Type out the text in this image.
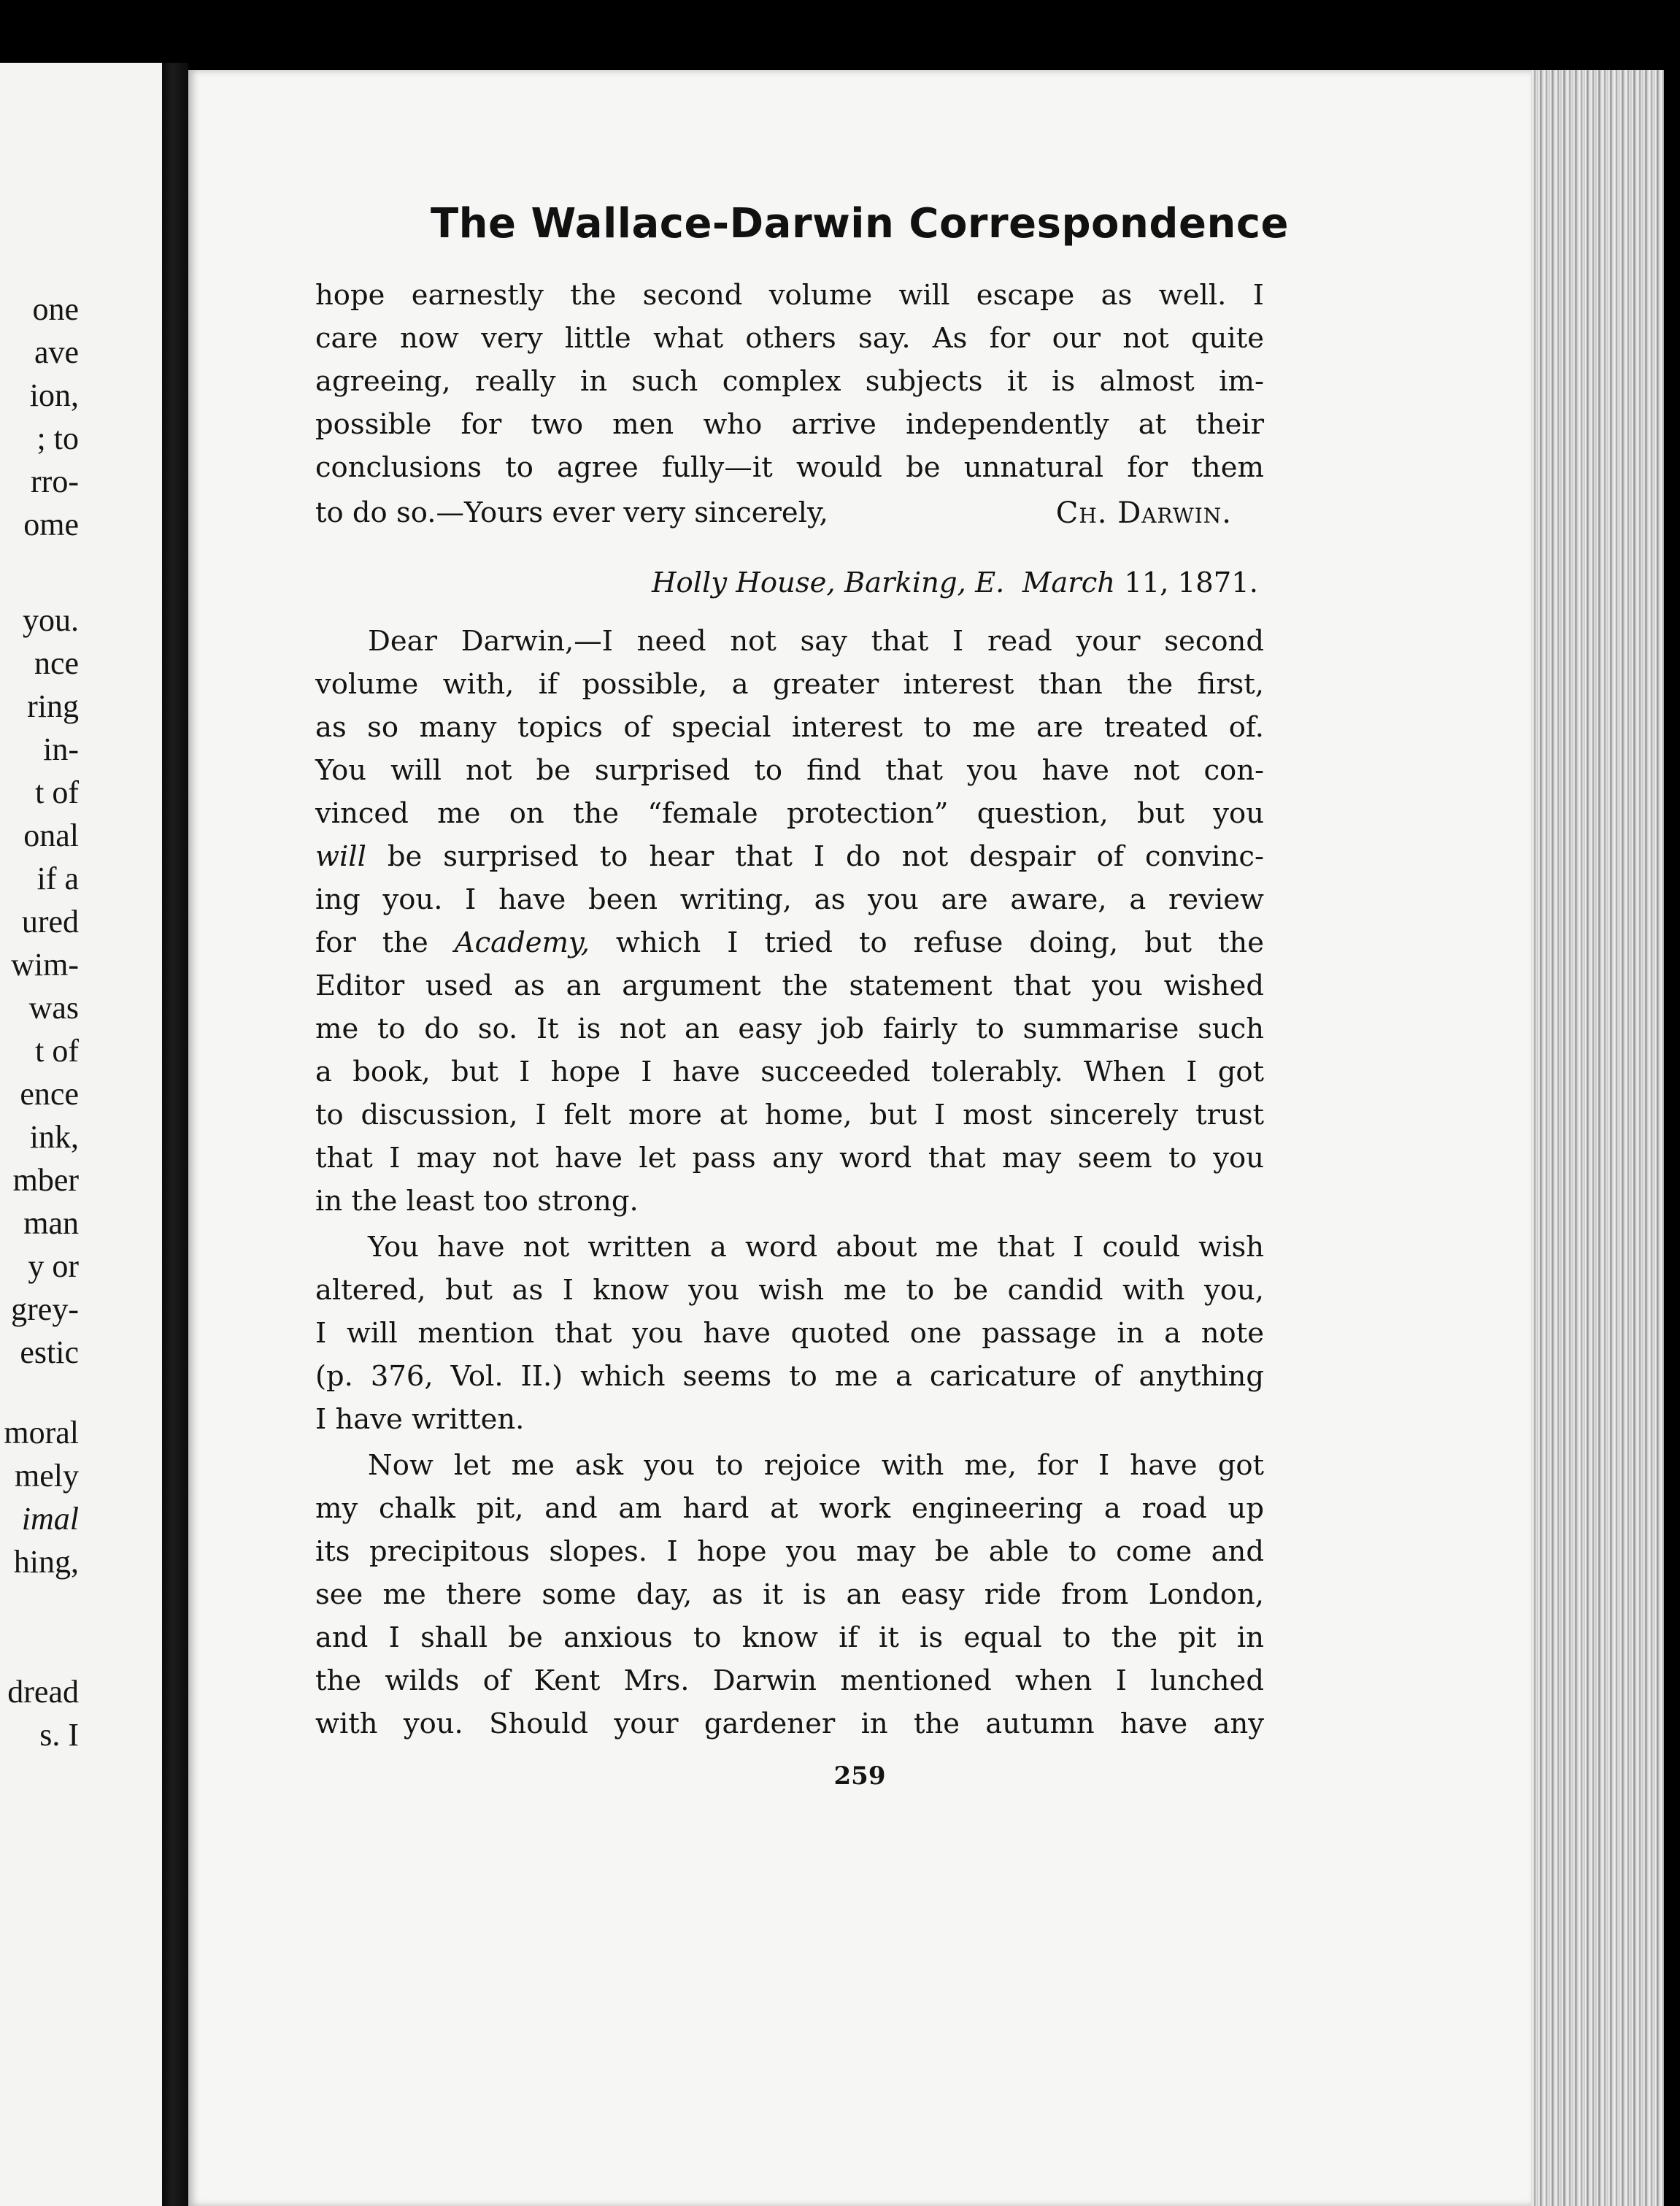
one
ave
ion,
; to
rro-
ome
you.
nce
ring
in-
t of
onal
if a
ured
wim-
was
t of
ence
ink,
mber
man
y or
grey-
estic
moral
mely
imal
hing,
dread
s. I
The Wallace-Darwin Correspondence
hope earnestly the second volume will escape as well. I
care now very little what others say. As for our not quite
agreeing, really in such complex subjects it is almost im-
possible for two men who arrive independently at their
conclusions to agree fully—it would be unnatural for them
to do so.—Yours ever very sincerely,	Ch. Darwin.
Holly House, Barking, E. March 11, 1871.
Dear Darwin,—I need not say that I read your second
volume with, if possible, a greater interest than the first,
as so many topics of special interest to me are treated of.
You will not be surprised to find that you have not con-
vinced me on the “female protection” question, but you
will be surprised to hear that I do not despair of convinc-
ing you. I have been writing, as you are aware, a review
for the Academy, which I tried to refuse doing, but the
Editor used as an argument the statement that you wished
me to do so. It is not an easy job fairly to summarise such
a book, but I hope I have succeeded tolerably. When I got
to discussion, I felt more at home, but I most sincerely trust
that I may not have let pass any word that may seem to you
in the least too strong.
You have not written a word about me that I could wish
altered, but as I know you wish me to be candid with you,
I will mention that you have quoted one passage in a note
(p. 376, Vol. II.) which seems to me a caricature of anything
I have written.
Now let me ask you to rejoice with me, for I have got
my chalk pit, and am hard at work engineering a road up
its precipitous slopes. I hope you may be able to come and
see me there some day, as it is an easy ride from London,
and I shall be anxious to know if it is equal to the pit in
the wilds of Kent Mrs. Darwin mentioned when I lunched
with you. Should your gardener in the autumn have any
259
